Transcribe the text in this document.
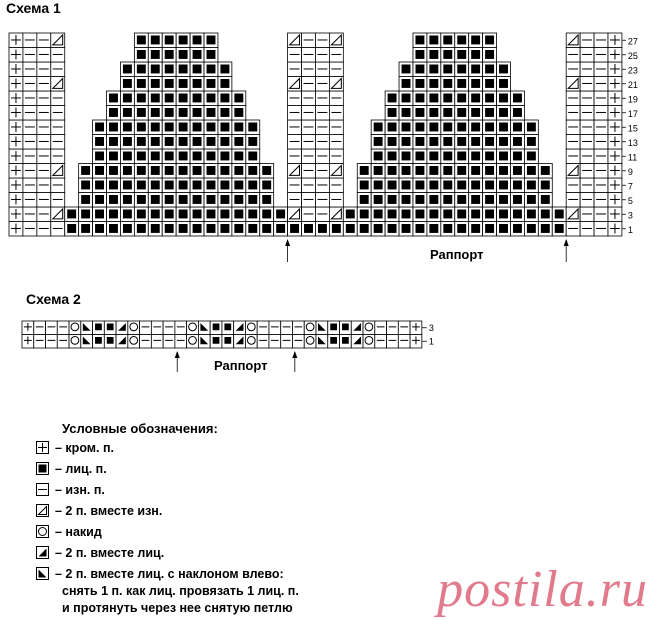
Схема 1
Схема 2
27
25
23
21
19
17
15
13
11
9
7
5
3
1
3
1
Раппорт
Раппорт
Условные обозначения:
– кром. п.
– лиц. п.
– изн. п.
– 2 п. вместе изн.
– накид
– 2 п. вместе лиц.
– 2 п. вместе лиц. с наклоном влево:
снять 1 п. как лиц. провязать 1 лиц. п.
и протянуть через нее снятую петлю	postila.ru
